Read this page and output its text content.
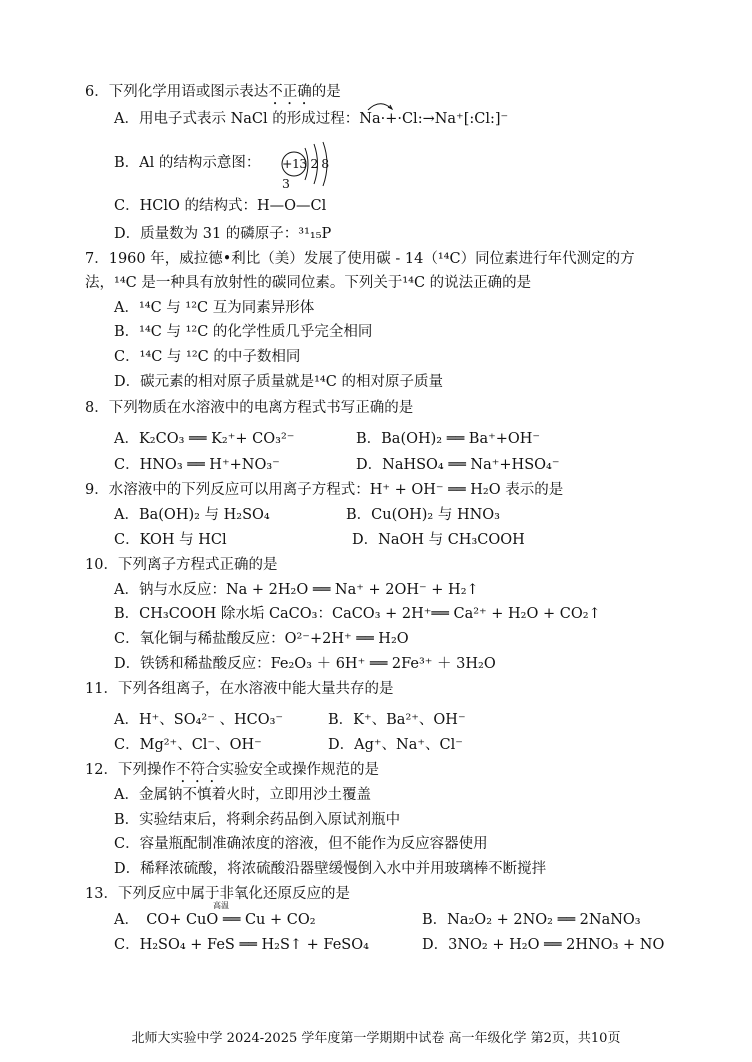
6．下列化学用语或图示表达不正确的是
A．用电子式表示 NaCl 的形成过程：Na·+·Cl:→Na⁺[:Cl:]⁻
B．Al 的结构示意图： +13 2 8 3
C．HClO 的结构式：H—O—Cl
D．质量数为 31 的磷原子：³¹₁₅P
7．1960 年，威拉德•利比（美）发展了使用碳 - 14（¹⁴C）同位素进行年代测定的方
法，¹⁴C 是一种具有放射性的碳同位素。下列关于¹⁴C 的说法正确的是
A．¹⁴C 与 ¹²C 互为同素异形体
B．¹⁴C 与 ¹²C 的化学性质几乎完全相同
C．¹⁴C 与 ¹²C 的中子数相同
D．碳元素的相对原子质量就是¹⁴C 的相对原子质量
8．下列物质在水溶液中的电离方程式书写正确的是
A．K₂CO₃ ══ K₂⁺+ CO₃²⁻	B．Ba(OH)₂ ══ Ba⁺+OH⁻
C．HNO₃ ══ H⁺+NO₃⁻	D．NaHSO₄ ══ Na⁺+HSO₄⁻
9．水溶液中的下列反应可以用离子方程式：H⁺ + OH⁻ ══ H₂O 表示的是
A．Ba(OH)₂ 与 H₂SO₄	B．Cu(OH)₂ 与 HNO₃
C．KOH 与 HCl	D．NaOH 与 CH₃COOH
10．下列离子方程式正确的是
A．钠与水反应：Na + 2H₂O ══ Na⁺ + 2OH⁻ + H₂↑
B．CH₃COOH 除水垢 CaCO₃：CaCO₃ + 2H⁺══ Ca²⁺ + H₂O + CO₂↑
C．氧化铜与稀盐酸反应：O²⁻+2H⁺ ══ H₂O
D．铁锈和稀盐酸反应：Fe₂O₃ ＋ 6H⁺ ══ 2Fe³⁺ ＋ 3H₂O
11．下列各组离子，在水溶液中能大量共存的是
A．H⁺、SO₄²⁻ 、HCO₃⁻	B．K⁺、Ba²⁺、OH⁻
C．Mg²⁺、Cl⁻、OH⁻	D．Ag⁺、Na⁺、Cl⁻
12．下列操作不符合实验安全或操作规范的是
A．金属钠不慎着火时，立即用沙土覆盖
B．实验结束后，将剩余药品倒入原试剂瓶中
C．容量瓶配制准确浓度的溶液，但不能作为反应容器使用
D．稀释浓硫酸，将浓硫酸沿器壁缓慢倒入水中并用玻璃棒不断搅拌
13．下列反应中属于非氧化还原反应的是
高温
A．　CO+ CuO ══ Cu + CO₂	B．Na₂O₂ + 2NO₂ ══ 2NaNO₃
C．H₂SO₄ + FeS ══ H₂S↑ + FeSO₄	D．3NO₂ + H₂O ══ 2HNO₃ + NO
北师大实验中学 2024-2025 学年度第一学期期中试卷 高一年级化学 第2页，共10页
